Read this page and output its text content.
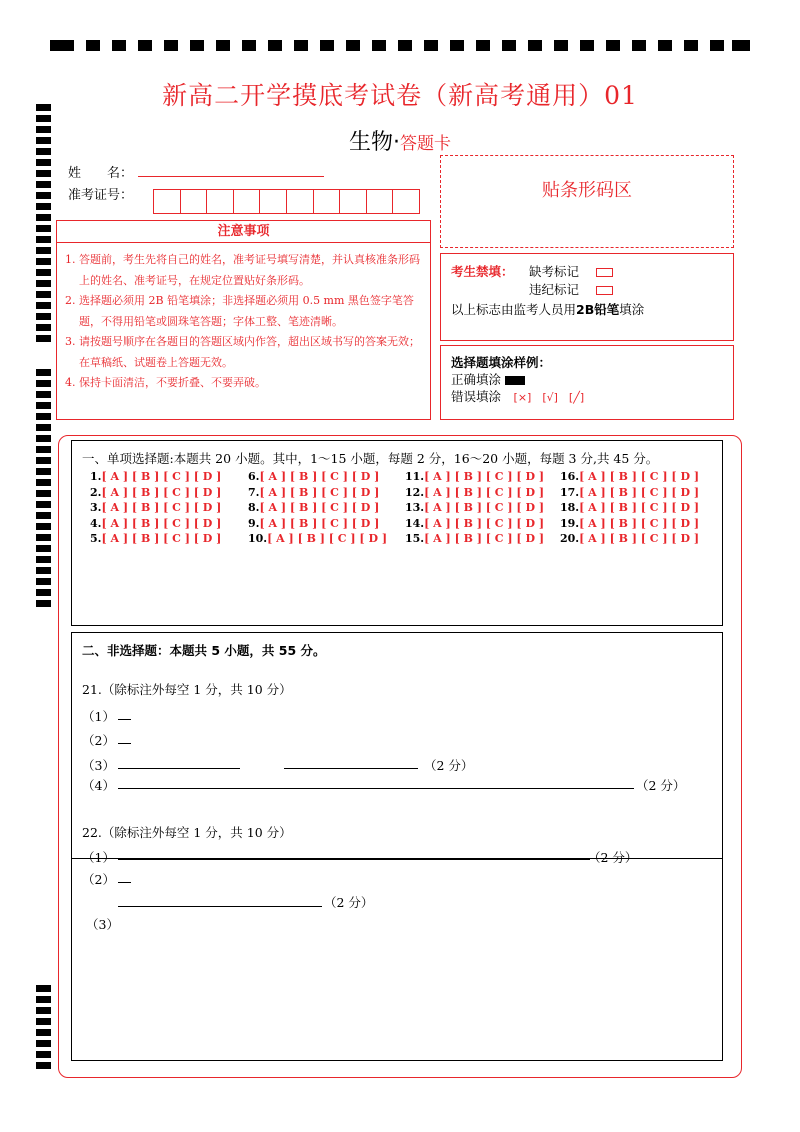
新高二开学摸底考试卷（新高考通用）01
生物·答题卡
姓　　名：
准考证号：
注意事项
1. 答题前，考生先将自己的姓名，准考证号填写清楚，并认真核准条形码上的姓名、准考证号，在规定位置贴好条形码。
2. 选择题必须用 2B 铅笔填涂；非选择题必须用 0.5 mm 黑色签字笔答题，不得用铅笔或圆珠笔答题；字体工整、笔迹清晰。
3. 请按题号顺序在各题目的答题区域内作答，超出区域书写的答案无效；在草稿纸、试题卷上答题无效。
4. 保持卡面清洁，不要折叠、不要弄破。
贴条形码区
考生禁填： 缺考标记　
违纪标记　
以上标志由监考人员用2B铅笔填涂
选择题填涂样例：
正确填涂
错误填涂　 [×]　[√]　[╱]
一、单项选择题:本题共 20 小题。其中，1～15 小题，每题 2 分，16～20 小题，每题 3 分,共 45 分。
1.[ A ] [ B ] [ C ] [ D ]
2.[ A ] [ B ] [ C ] [ D ]
3.[ A ] [ B ] [ C ] [ D ]
4.[ A ] [ B ] [ C ] [ D ]
5.[ A ] [ B ] [ C ] [ D ]
6.[ A ] [ B ] [ C ] [ D ]
7.[ A ] [ B ] [ C ] [ D ]
8.[ A ] [ B ] [ C ] [ D ]
9.[ A ] [ B ] [ C ] [ D ]
10.[ A ] [ B ] [ C ] [ D ]
11.[ A ] [ B ] [ C ] [ D ]
12.[ A ] [ B ] [ C ] [ D ]
13.[ A ] [ B ] [ C ] [ D ]
14.[ A ] [ B ] [ C ] [ D ]
15.[ A ] [ B ] [ C ] [ D ]
16.[ A ] [ B ] [ C ] [ D ]
17.[ A ] [ B ] [ C ] [ D ]
18.[ A ] [ B ] [ C ] [ D ]
19.[ A ] [ B ] [ C ] [ D ]
20.[ A ] [ B ] [ C ] [ D ]
二、非选择题：本题共 5 小题，共 55 分。
21.（除标注外每空 1 分，共 10 分）
（1）
（2）
（3）	（2 分）
（4）	（2 分）
22.（除标注外每空 1 分，共 10 分）
（1）	（2 分）
（2）
（2 分）
（3）
